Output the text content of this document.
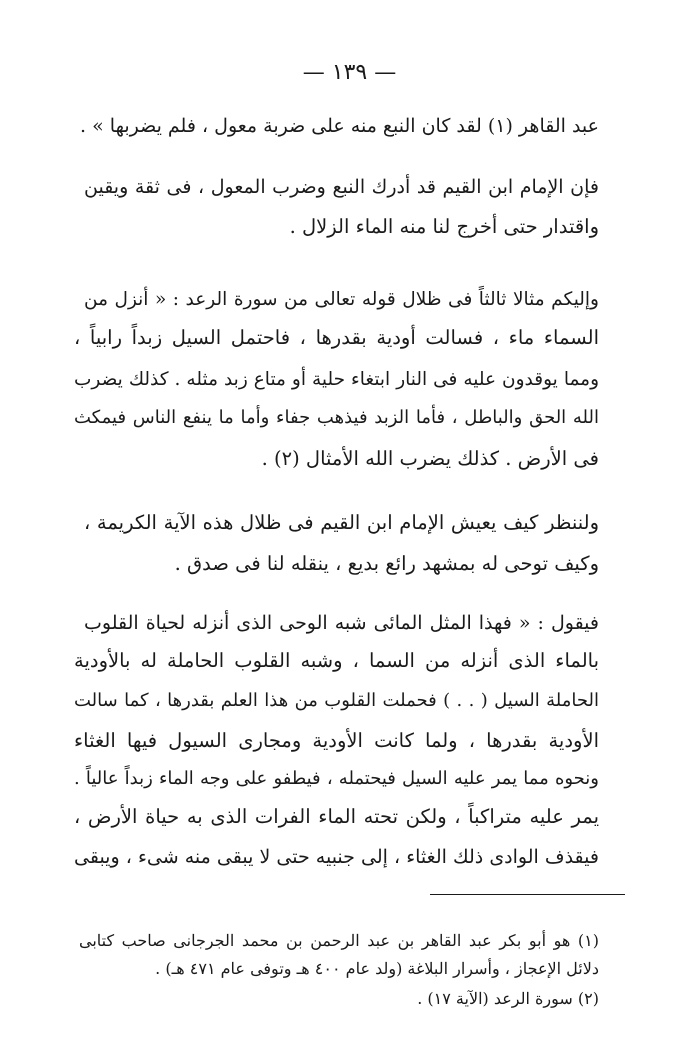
— ١٣٩ —
عبد القاهر (١) لقد كان النبع منه على ضربة معول ، فلم يضربها » .
فإن الإمام ابن القيم قد أدرك النبع وضرب المعول ، فى ثقة ويقين
واقتدار حتى أخرج لنا منه الماء الزلال .
وإليكم مثالا ثالثاً فى ظلال قوله تعالى من سورة الرعد : « أنزل من
السماء ماء ، فسالت أودية بقدرها ، فاحتمل السيل زبداً رابياً ،
ومما يوقدون عليه فى النار ابتغاء حلية أو متاع زبد مثله . كذلك يضرب
الله الحق والباطل ، فأما الزبد فيذهب جفاء وأما ما ينفع الناس فيمكث
فى الأرض . كذلك يضرب الله الأمثال (٢) .
ولننظر كيف يعيش الإمام ابن القيم فى ظلال هذه الآية الكريمة ،
وكيف توحى له بمشهد رائع بديع ، ينقله لنا فى صدق .
فيقول : « فهذا المثل المائى شبه الوحى الذى أنزله لحياة القلوب
بالماء الذى أنزله من السما ، وشبه القلوب الحاملة له بالأودية
الحاملة السيل ( . . ) فحملت القلوب من هذا العلم بقدرها ، كما سالت
الأودية بقدرها ، ولما كانت الأودية ومجارى السيول فيها الغثاء
ونحوه مما يمر عليه السيل فيحتمله ، فيطفو على وجه الماء زبداً عالياً .
يمر عليه متراكباً ، ولكن تحته الماء الفرات الذى به حياة الأرض ،
فيقذف الوادى ذلك الغثاء ، إلى جنبيه حتى لا يبقى منه شىء ، ويبقى
(١) هو أبو بكر عبد القاهر بن عبد الرحمن بن محمد الجرجانى صاحب كتابى
دلائل الإعجاز ، وأسرار البلاغة (ولد عام ٤٠٠ هـ وتوفى عام ٤٧١ هـ) .
(٢) سورة الرعد (الآية ١٧) .
